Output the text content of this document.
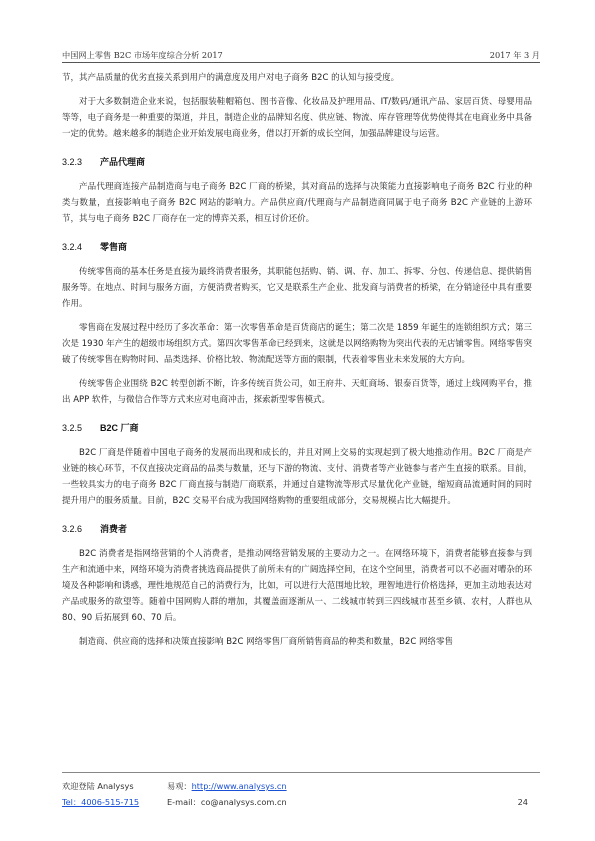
中国网上零售 B2C 市场年度综合分析 2017	2017 年 3 月

节，其产品质量的优劣直接关系到用户的满意度及用户对电子商务 B2C 的认知与接受度。

对于大多数制造企业来说，包括服装鞋帽箱包、图书音像、化妆品及护理用品、IT/数码/通讯产品、家居百货、母婴用品等等，电子商务是一种重要的渠道，并且，制造企业的品牌知名度、供应链、物流、库存管理等优势使得其在电商业务中具备一定的优势。越来越多的制造企业开始发展电商业务，借以打开新的成长空间，加强品牌建设与运营。

3.2.3 产品代理商

产品代理商连接产品制造商与电子商务 B2C 厂商的桥梁，其对商品的选择与决策能力直接影响电子商务 B2C 行业的种类与数量，直接影响电子商务 B2C 网站的影响力。产品供应商/代理商与产品制造商同属于电子商务 B2C 产业链的上游环节，其与电子商务 B2C 厂商存在一定的博弈关系，相互讨价还价。

3.2.4 零售商

传统零售商的基本任务是直接为最终消费者服务，其职能包括购、销、调、存、加工、拆零、分包、传递信息、提供销售服务等。在地点、时间与服务方面，方便消费者购买，它又是联系生产企业、批发商与消费者的桥梁，在分销途径中具有重要作用。

零售商在发展过程中经历了多次革命：第一次零售革命是百货商店的诞生；第二次是 1859 年诞生的连锁组织方式；第三次是 1930 年产生的超级市场组织方式。第四次零售革命已经到来，这就是以网络购物为突出代表的无店铺零售。网络零售突破了传统零售在购物时间、品类选择、价格比较、物流配送等方面的限制，代表着零售业未来发展的大方向。

传统零售企业围绕 B2C 转型创新不断，许多传统百货公司，如王府井、天虹商场、银泰百货等，通过上线网购平台，推出 APP 软件，与微信合作等方式来应对电商冲击，探索新型零售模式。

3.2.5 B2C 厂商

B2C 厂商是伴随着中国电子商务的发展而出现和成长的，并且对网上交易的实现起到了极大地推动作用。B2C 厂商是产业链的核心环节，不仅直接决定商品的品类与数量，还与下游的物流、支付、消费者等产业链参与者产生直接的联系。目前，一些较具实力的电子商务 B2C 厂商直接与制造厂商联系，并通过自建物流等形式尽量优化产业链，缩短商品流通时间的同时提升用户的服务质量。目前，B2C 交易平台成为我国网络购物的重要组成部分，交易规模占比大幅提升。

3.2.6 消费者

B2C 消费者是指网络营销的个人消费者，是推动网络营销发展的主要动力之一。在网络环境下，消费者能够直接参与到生产和流通中来，网络环境为消费者挑选商品提供了前所未有的广阔选择空间，在这个空间里，消费者可以不必面对嘈杂的环境及各种影响和诱惑，理性地规范自己的消费行为，比如，可以进行大范围地比较，理智地进行价格选择，更加主动地表达对产品或服务的欲望等。随着中国网购人群的增加，其覆盖面逐渐从一、二线城市转到三四线城市甚至乡镇、农村，人群也从 80、90 后拓展到 60、70 后。

制造商、供应商的选择和决策直接影响 B2C 网络零售厂商所销售商品的种类和数量，B2C 网络零售

欢迎登陆 Analysys	易观：http://www.analysys.cn
Tel：4006-515-715	E-mail：co@analysys.com.cn	24
